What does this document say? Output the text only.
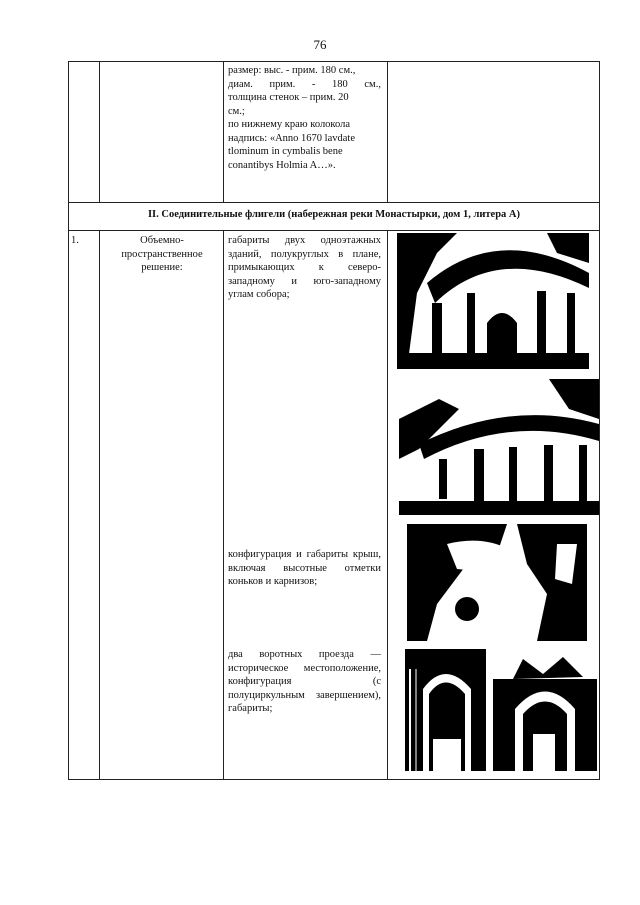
76
размер: выс. - прим. 180 см.,
диам. прим. - 180 см.,
толщина стенок – прим. 20
см.;
по нижнему краю колокола
надпись: «Anno 1670 lavdate
tlominum in cymbalis bene
conantibys Holmia A…».
II. Соединительные флигели (набережная реки Монастырки, дом 1, литера А)
1.	Объемно-
пространственное
решение:
габариты двух одноэтажных зданий, полукруглых в плане, примыкающих к северо-западному и юго-западному углам собора;
конфигурация и габариты крыш, включая высотные отметки коньков и карнизов;
два воротных проезда — историческое местоположение, конфигурация (с полуциркульным завершением), габариты;
